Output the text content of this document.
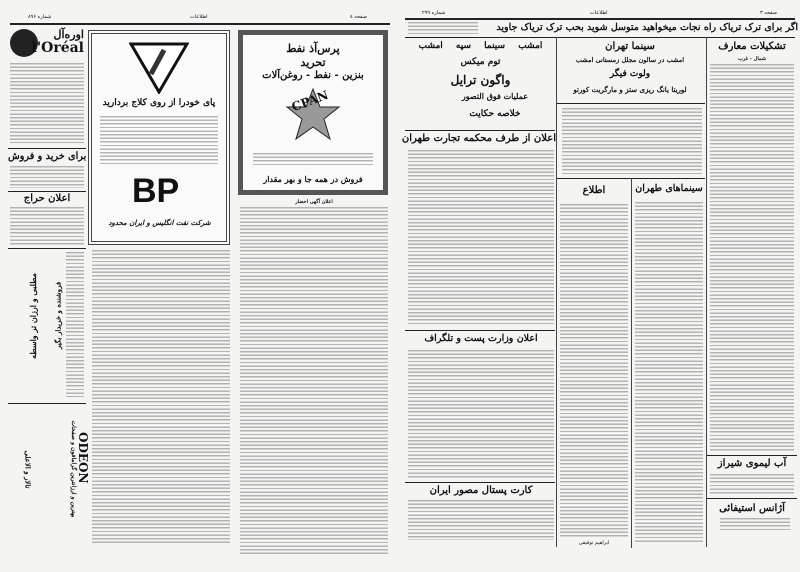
شماره ۸۹۶	اطلاعات	صفحه ٤
اوره‌آل
l'Oréal
برای خرید و فروش
اعلان حراج
مطلبی و ارزان تر واسطه فروشنده و خریدار بگیر
ODEON
بهترین و ارزانترین گرامافون و صفحات
تالار و الاعلی
پای خودرا از روی کلاج بردارید
BP
شرکت نفت انگلیس و ایران محدود
پرس‌آذ نفط
تحرید
بنزین - نفط - روغن‌آلات
CPAN
فروش در همه جا و بهر مقدار
اعلان آگهی احضار
شماره ۲۹۹	اطلاعات	صفحه ۳
اگر برای ترک تریاک راه نجات میخواهید متوسل شوید بحب ترک تریاک جاوید
امشب سینما سپه امشب
توم میکس
واگون ترایل
عملیات فوق التصور
خلاصه حکایت
اعلان از طرف محکمه تجارت طهران
اعلان وزارت پست و تلگراف
کارت پستال مصور ایران
سینما تهران
امشب در سالون مجلل زمستانی امشب
ولوت فیگر
لوریتا یانگ ریزی ستز و مارگریت کورتو
اطلاع
ابراهیم توفیقی
سینماهای طهران
تشکیلات معارف
شمال - غرب
آب لیموی شیراز
آژانس استیفائی
